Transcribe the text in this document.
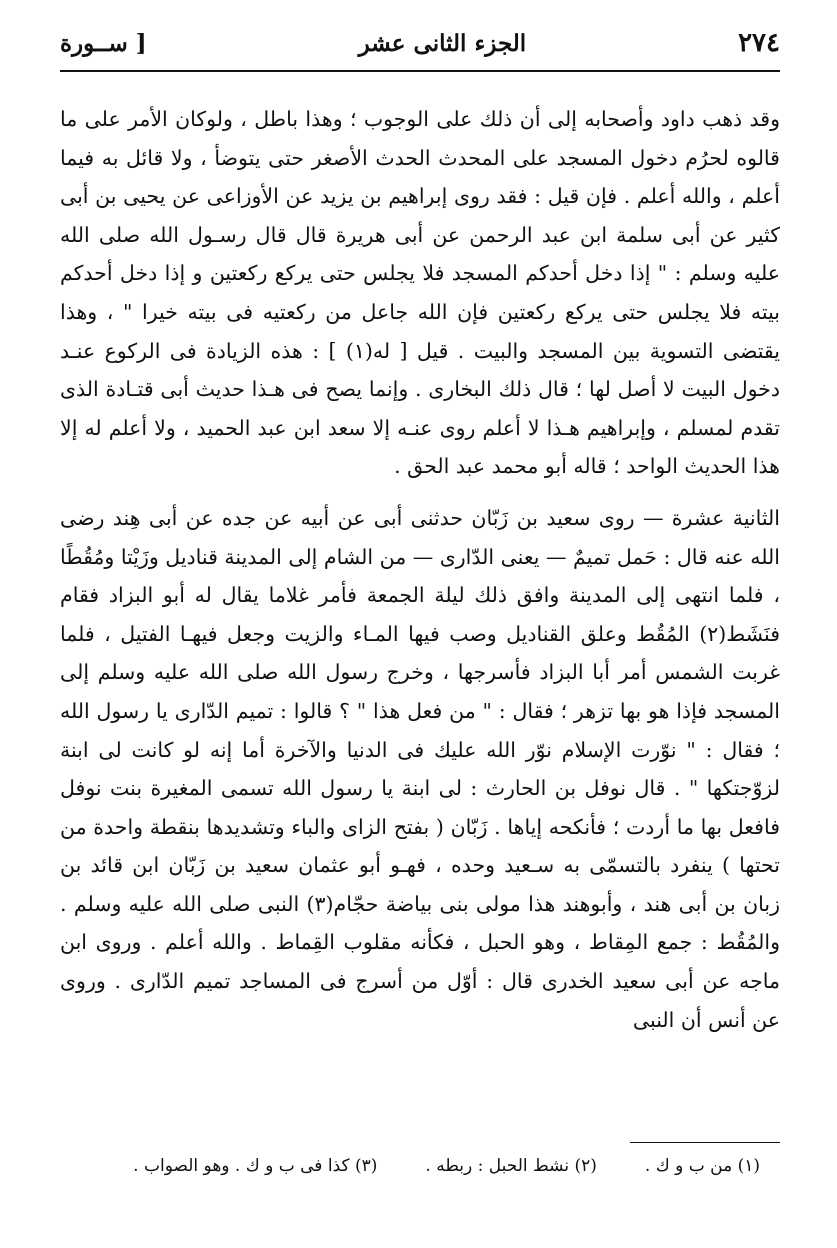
٢٧٤
الجزء الثانى عشر
[ ســورة

وقد ذهب داود وأصحابه إلى أن ذلك على الوجوب ؛ وهذا باطل ، ولوكان الأمر على ما قالوه لحرُم دخول المسجد على المحدث الحدث الأصغر حتى يتوضأ ، ولا قائل به فيما أعلم ، والله أعلم . فإن قيل : فقد روى إبراهيم بن يزيد عن الأوزاعى عن يحيى بن أبى كثير عن أبى سلمة ابن عبد الرحمن عن أبى هريرة قال قال رسـول الله صلى الله عليه وسلم : " إذا دخل أحدكم المسجد فلا يجلس حتى يركع ركعتين و إذا دخل أحدكم بيته فلا يجلس حتى يركع ركعتين فإن الله جاعل من ركعتيه فى بيته خيرا " ، وهذا يقتضى التسوية بين المسجد والبيت . قيل [ له(١) ] : هذه الزيادة فى الركوع عنـد دخول البيت لا أصل لها ؛ قال ذلك البخارى . وإنما يصح فى هـذا حديث أبى قتـادة الذى تقدم لمسلم ، وإبراهيم هـذا لا أعلم روى عنـه إلا سعد ابن عبد الحميد ، ولا أعلم له إلا هذا الحديث الواحد ؛ قاله أبو محمد عبد الحق .

الثانية عشرة — روى سعيد بن زَبّان حدثنى أبى عن أبيه عن جده عن أبى هِند رضى الله عنه قال : حَمل تميمٌ — يعنى الدّارى — من الشام إلى المدينة قناديل وزَيْتا ومُقُطًا ، فلما انتهى إلى المدينة وافق ذلك ليلة الجمعة فأمر غلاما يقال له أبو البزاد فقام فنَشَط(٢) المُقُط وعلق القناديل وصب فيها المـاء والزيت وجعل فيهـا الفتيل ، فلما غربت الشمس أمر أبا البزاد فأسرجها ، وخرج رسول الله صلى الله عليه وسلم إلى المسجد فإذا هو بها تزهر ؛ فقال : " من فعل هذا " ؟ قالوا : تميم الدّارى يا رسول الله ؛ فقال : " نوّرت الإسلام نوّر الله عليك فى الدنيا والآخرة أما إنه لو كانت لى ابنة لزوّجتكها " . قال نوفل بن الحارث : لى ابنة يا رسول الله تسمى المغيرة بنت نوفل فافعل بها ما أردت ؛ فأنكحه إياها . زَبّان ( بفتح الزاى والباء وتشديدها بنقطة واحدة من تحتها ) ينفرد بالتسمّى به سـعيد وحده ، فهـو أبو عثمان سعيد بن زَبّان ابن قائد بن زبان بن أبى هند ، وأبوهند هذا مولى بنى بياضة حجّام(٣) النبى صلى الله عليه وسلم . والمُقُط : جمع المِقاط ، وهو الحبل ، فكأنه مقلوب القِماط . والله أعلم . وروى ابن ماجه عن أبى سعيد الخدرى قال : أوّل من أسرج فى المساجد تميم الدّارى . وروى عن أنس أن النبى

(١) من ب و ك .
(٢) نشط الحبل : ربطه .
(٣) كذا فى ب و ك . وهو الصواب .
